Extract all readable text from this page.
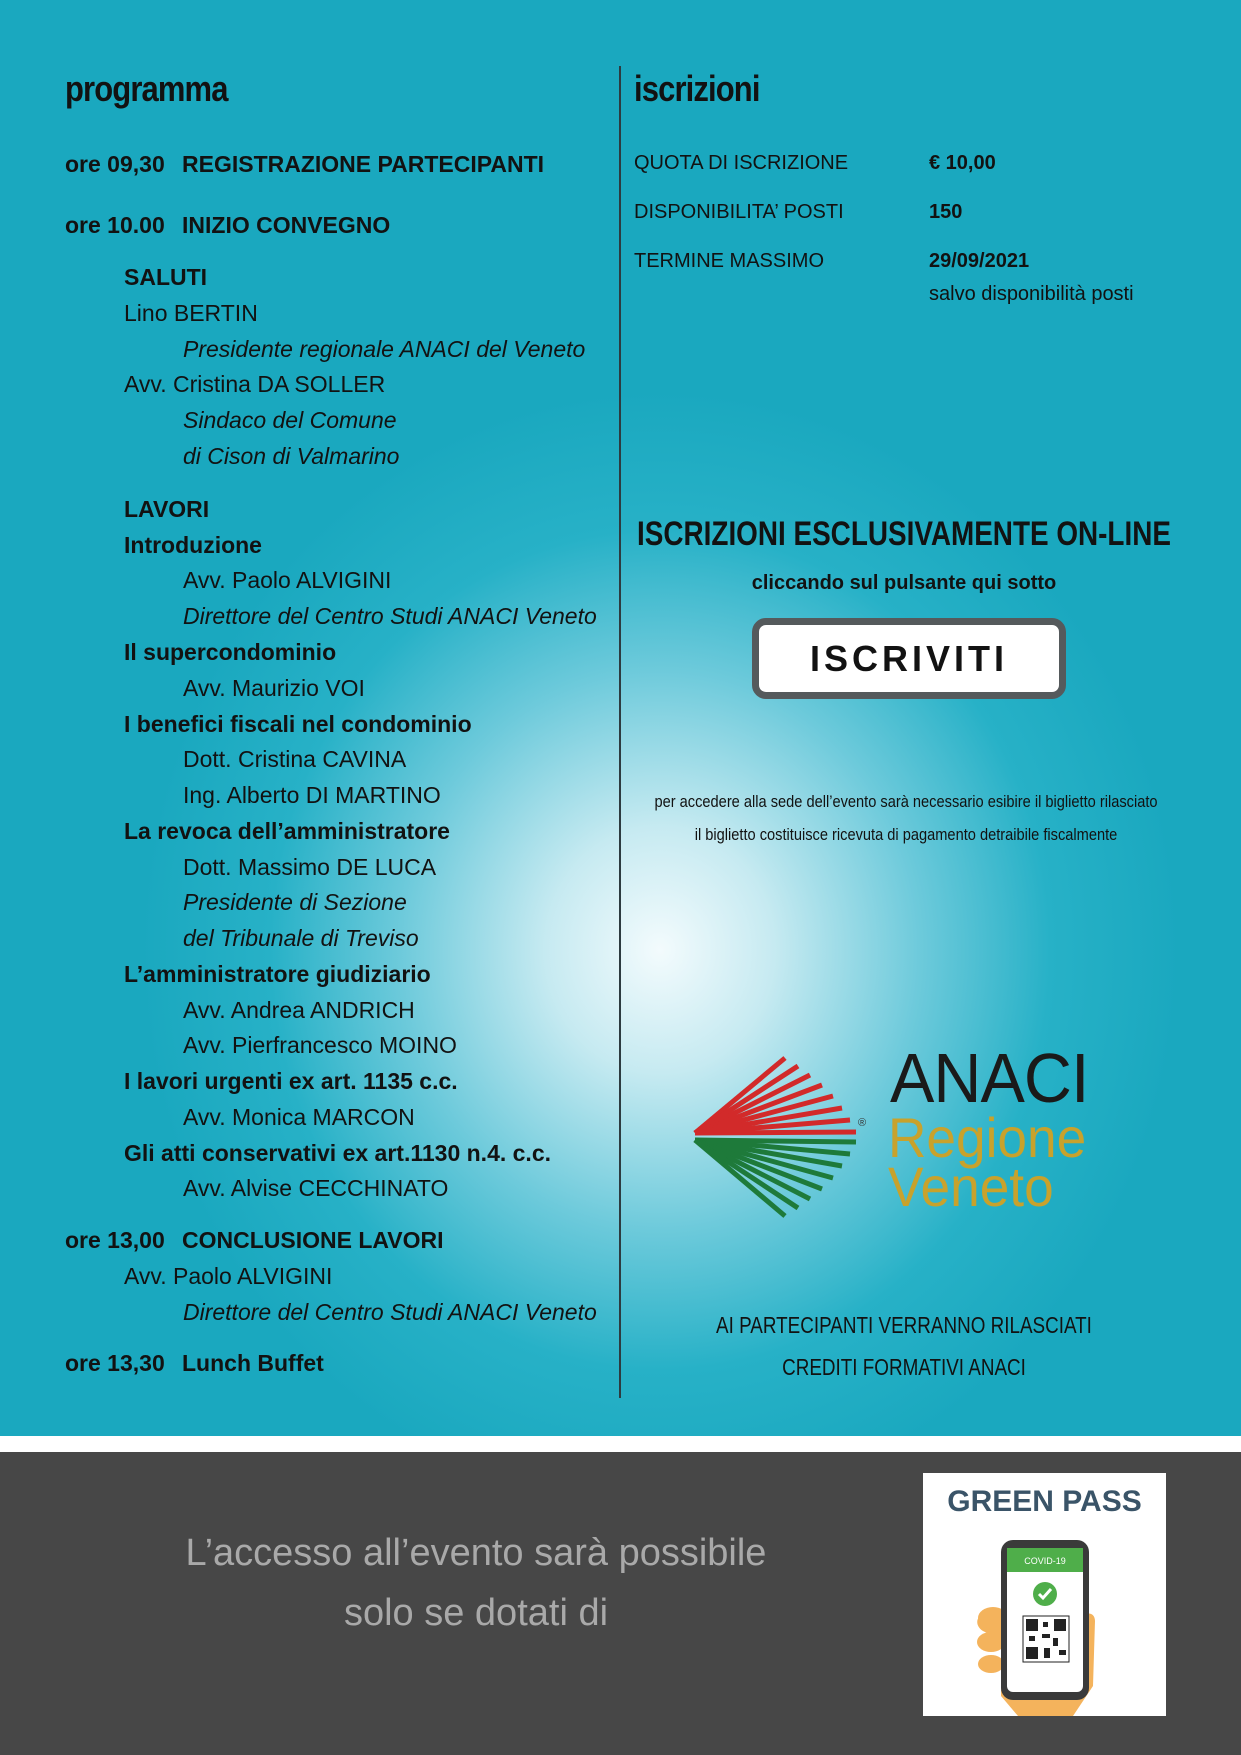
programma
ore 09,30 REGISTRAZIONE PARTECIPANTI
ore 10.00 INIZIO CONVEGNO
SALUTI
Lino BERTIN
Presidente regionale ANACI del Veneto
Avv. Cristina DA SOLLER
Sindaco del Comune
di Cison di Valmarino
LAVORI
Introduzione
Avv. Paolo ALVIGINI
Direttore del Centro Studi ANACI Veneto
Il supercondominio
Avv. Maurizio VOI
I benefici fiscali nel condominio
Dott. Cristina CAVINA
Ing. Alberto DI MARTINO
La revoca dell’amministratore
Dott. Massimo DE LUCA
Presidente di Sezione
del Tribunale di Treviso
L’amministratore giudiziario
Avv. Andrea ANDRICH
Avv. Pierfrancesco MOINO
I lavori urgenti ex art. 1135 c.c.
Avv. Monica MARCON
Gli atti conservativi ex art.1130 n.4. c.c.
Avv. Alvise CECCHINATO
ore 13,00 CONCLUSIONE LAVORI
Avv. Paolo ALVIGINI
Direttore del Centro Studi ANACI Veneto
ore 13,30 Lunch Buffet
iscrizioni
QUOTA DI ISCRIZIONE	€ 10,00
DISPONIBILITA’ POSTI	150
TERMINE MASSIMO	29/09/2021
salvo disponibilità posti
ISCRIZIONI ESCLUSIVAMENTE ON-LINE
cliccando sul pulsante qui sotto
ISCRIVITI
per accedere alla sede dell’evento sarà necessario esibire il biglietto rilasciato
il biglietto costituisce ricevuta di pagamento detraibile fiscalmente
®
ANACI
Regione
Veneto
AI PARTECIPANTI VERRANNO RILASCIATI
CREDITI FORMATIVI ANACI
L’accesso all’evento sarà possibile
solo se dotati di
GREEN PASS
COVID-19
